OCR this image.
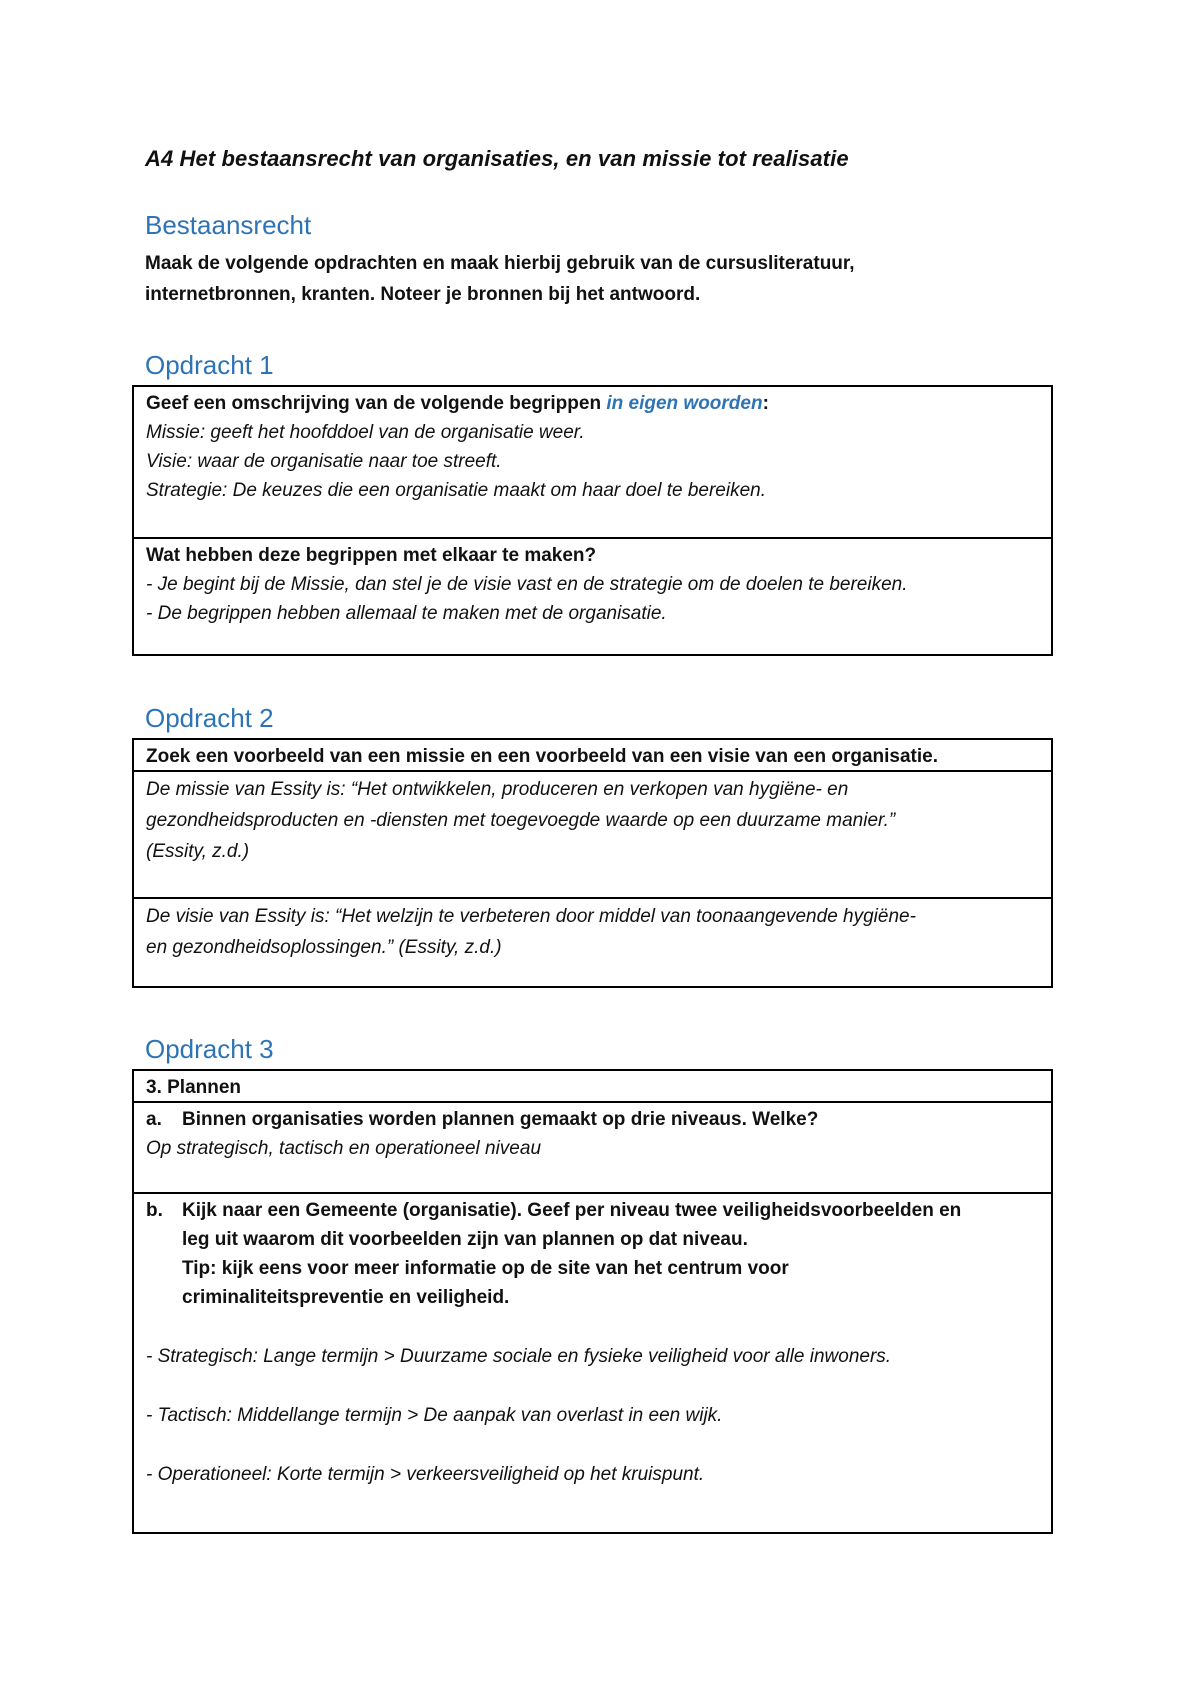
A4 Het bestaansrecht van organisaties, en van missie tot realisatie
Bestaansrecht

Maak de volgende opdrachten en maak hierbij gebruik van de cursusliteratuur,

internetbronnen, kranten. Noteer je bronnen bij het antwoord.

Opdracht 1

Geef een omschrijving van de volgende begrippen in eigen woorden:

Missie: geeft het hoofddoel van de organisatie weer.

Visie: waar de organisatie naar toe streeft.

Strategie: De keuzes die een organisatie maakt om haar doel te bereiken.

Wat hebben deze begrippen met elkaar te maken?

- Je begint bij de Missie, dan stel je de visie vast en de strategie om de doelen te bereiken.

- De begrippen hebben allemaal te maken met de organisatie.

Opdracht 2

Zoek een voorbeeld van een missie en een voorbeeld van een visie van een organisatie.

De missie van Essity is: “Het ontwikkelen, produceren en verkopen van hygiëne- en

gezondheidsproducten en -diensten met toegevoegde waarde op een duurzame manier.”

(Essity, z.d.)

De visie van Essity is: “Het welzijn te verbeteren door middel van toonaangevende hygiëne-

en gezondheidsoplossingen.” (Essity, z.d.)

Opdracht 3

3. Plannen

a.	Binnen organisaties worden plannen gemaakt op drie niveaus. Welke?

Op strategisch, tactisch en operationeel niveau

b.	Kijk naar een Gemeente (organisatie). Geef per niveau twee veiligheidsvoorbeelden en
leg uit waarom dit voorbeelden zijn van plannen op dat niveau.
Tip: kijk eens voor meer informatie op de site van het centrum voor
criminaliteitspreventie en veiligheid.

- Strategisch: Lange termijn > Duurzame sociale en fysieke veiligheid voor alle inwoners.

- Tactisch: Middellange termijn > De aanpak van overlast in een wijk.

- Operationeel: Korte termijn > verkeersveiligheid op het kruispunt.
